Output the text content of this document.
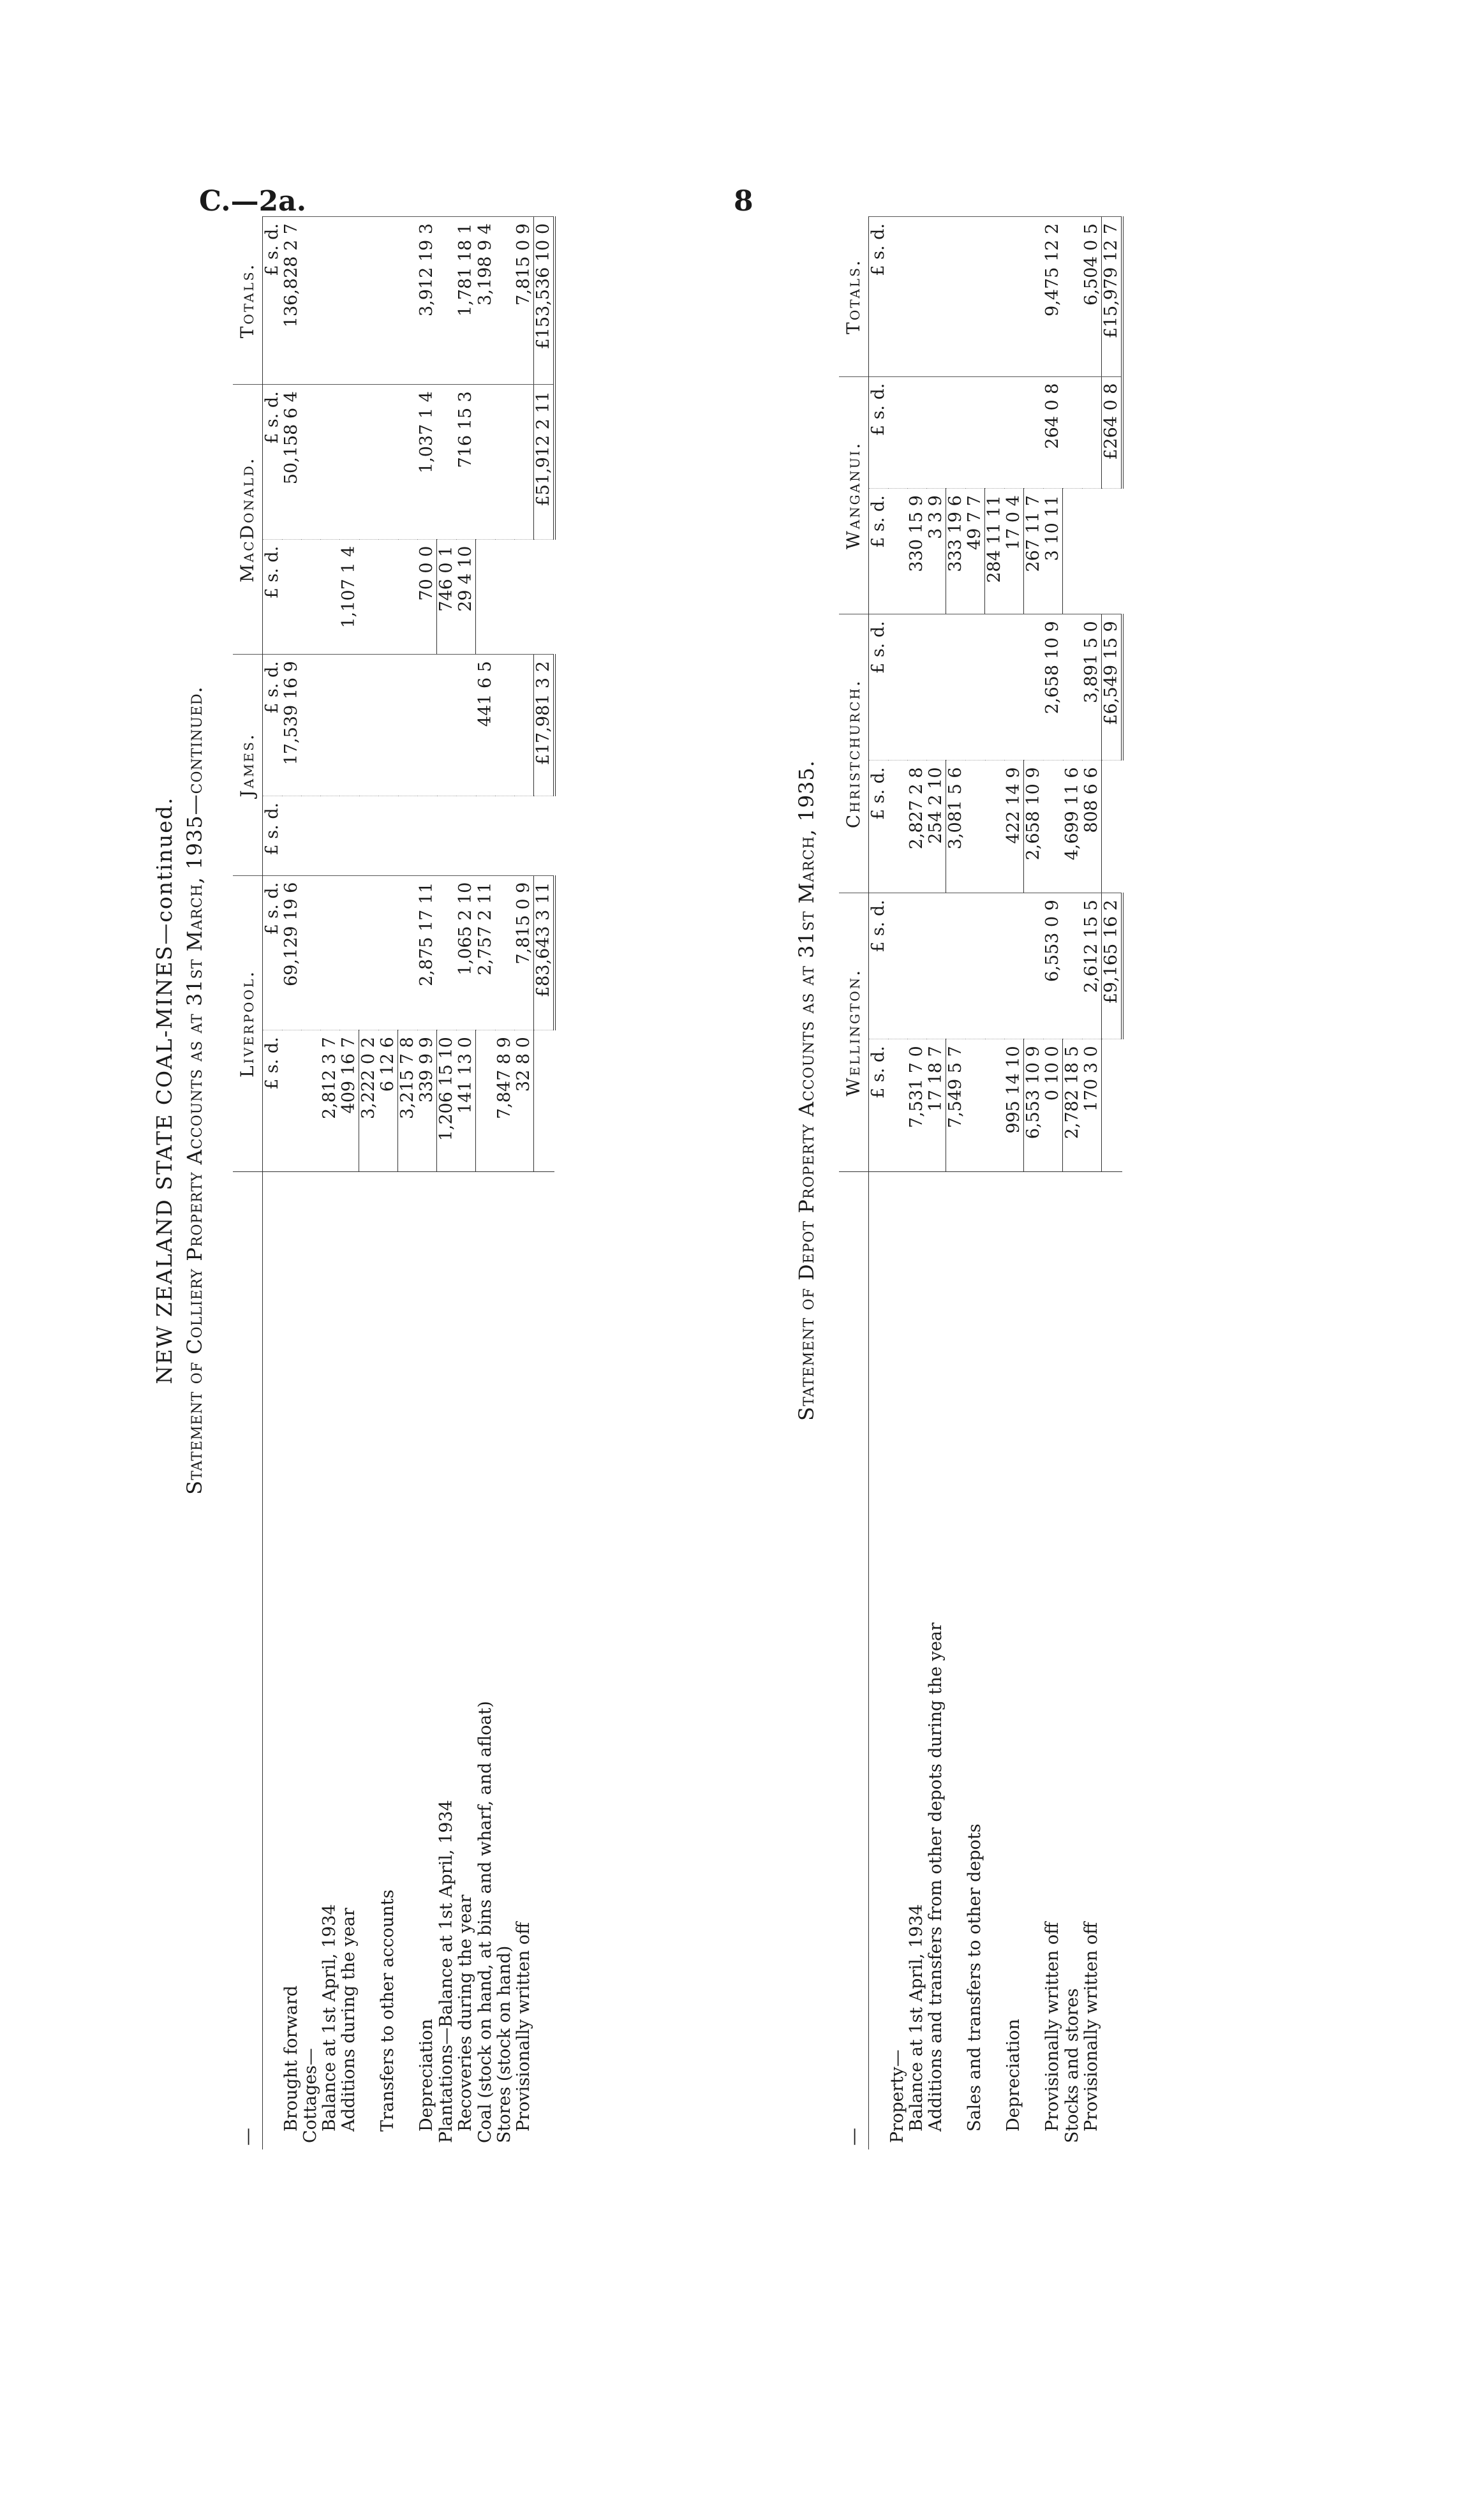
C.—2a.	8
NEW ZEALAND STATE COAL-MINES—continued. Statement of Colliery Property Accounts as at 31st March, 1935—continued.
—	Liverpool.		James.		MacDonald.		Totals.
	£ s. d.	£ s. d.	£ s. d.	£ s. d.	£ s. d.	£ s. d.	£ s. d.
Brought forward		69,129 19 6		17,539 16 9		50,158 6 4	136,828 2 7
Cottages—							
Balance at 1st April, 1934	2,812 3 7						
Additions during the year	409 16 7				1,107 1 4		
	3,222 0 2						
Transfers to other accounts	6 12 6						
	3,215 7 8						
Depreciation	339 9 9	2,875 17 11			70 0 0	1,037 1 4	3,912 19 3
Plantations—Balance at 1st April, 1934	1,206 15 10				746 0 1		
Recoveries during the year	141 13 0	1,065 2 10			29 4 10	716 15 3	1,781 18 1
Coal (stock on hand, at bins and wharf, and afloat)		2,757 2 11		441 6 5			3,198 9 4
Stores (stock on hand)	7,847 8 9						
Provisionally written off	32 8 0	7,815 0 9					7,815 0 9
		£83,643 3 11		£17,981 3 2		£51,912 2 11	£153,536 10 0
Statement of Depot Property Accounts as at 31st March, 1935.
—	Wellington.		Christchurch.		Wanganui.		Totals.
	£ s. d.	£ s. d.	£ s. d.	£ s. d.	£ s. d.	£ s. d.	£ s. d.
Property—							
Balance at 1st April, 1934	7,531 7 0		2,827 2 8		330 15 9		
Additions and transfers from other depots during the year	17 18 7		254 2 10		3 3 9		
	7,549 5 7		3,081 5 6		333 19 6		
Sales and transfers to other depots					49 7 7		
					284 11 11		
Depreciation	995 14 10		422 14 9		17 0 4		
	6,553 10 9		2,658 10 9		267 11 7		
Provisionally written off	0 10 0	6,553 0 9		2,658 10 9	3 10 11	264 0 8	9,475 12 2
Stocks and stores	2,782 18 5		4,699 11 6				
Provisionally written off	170 3 0	2,612 15 5	808 6 6	3,891 5 0			6,504 0 5
		£9,165 16 2		£6,549 15 9		£264 0 8	£15,979 12 7
